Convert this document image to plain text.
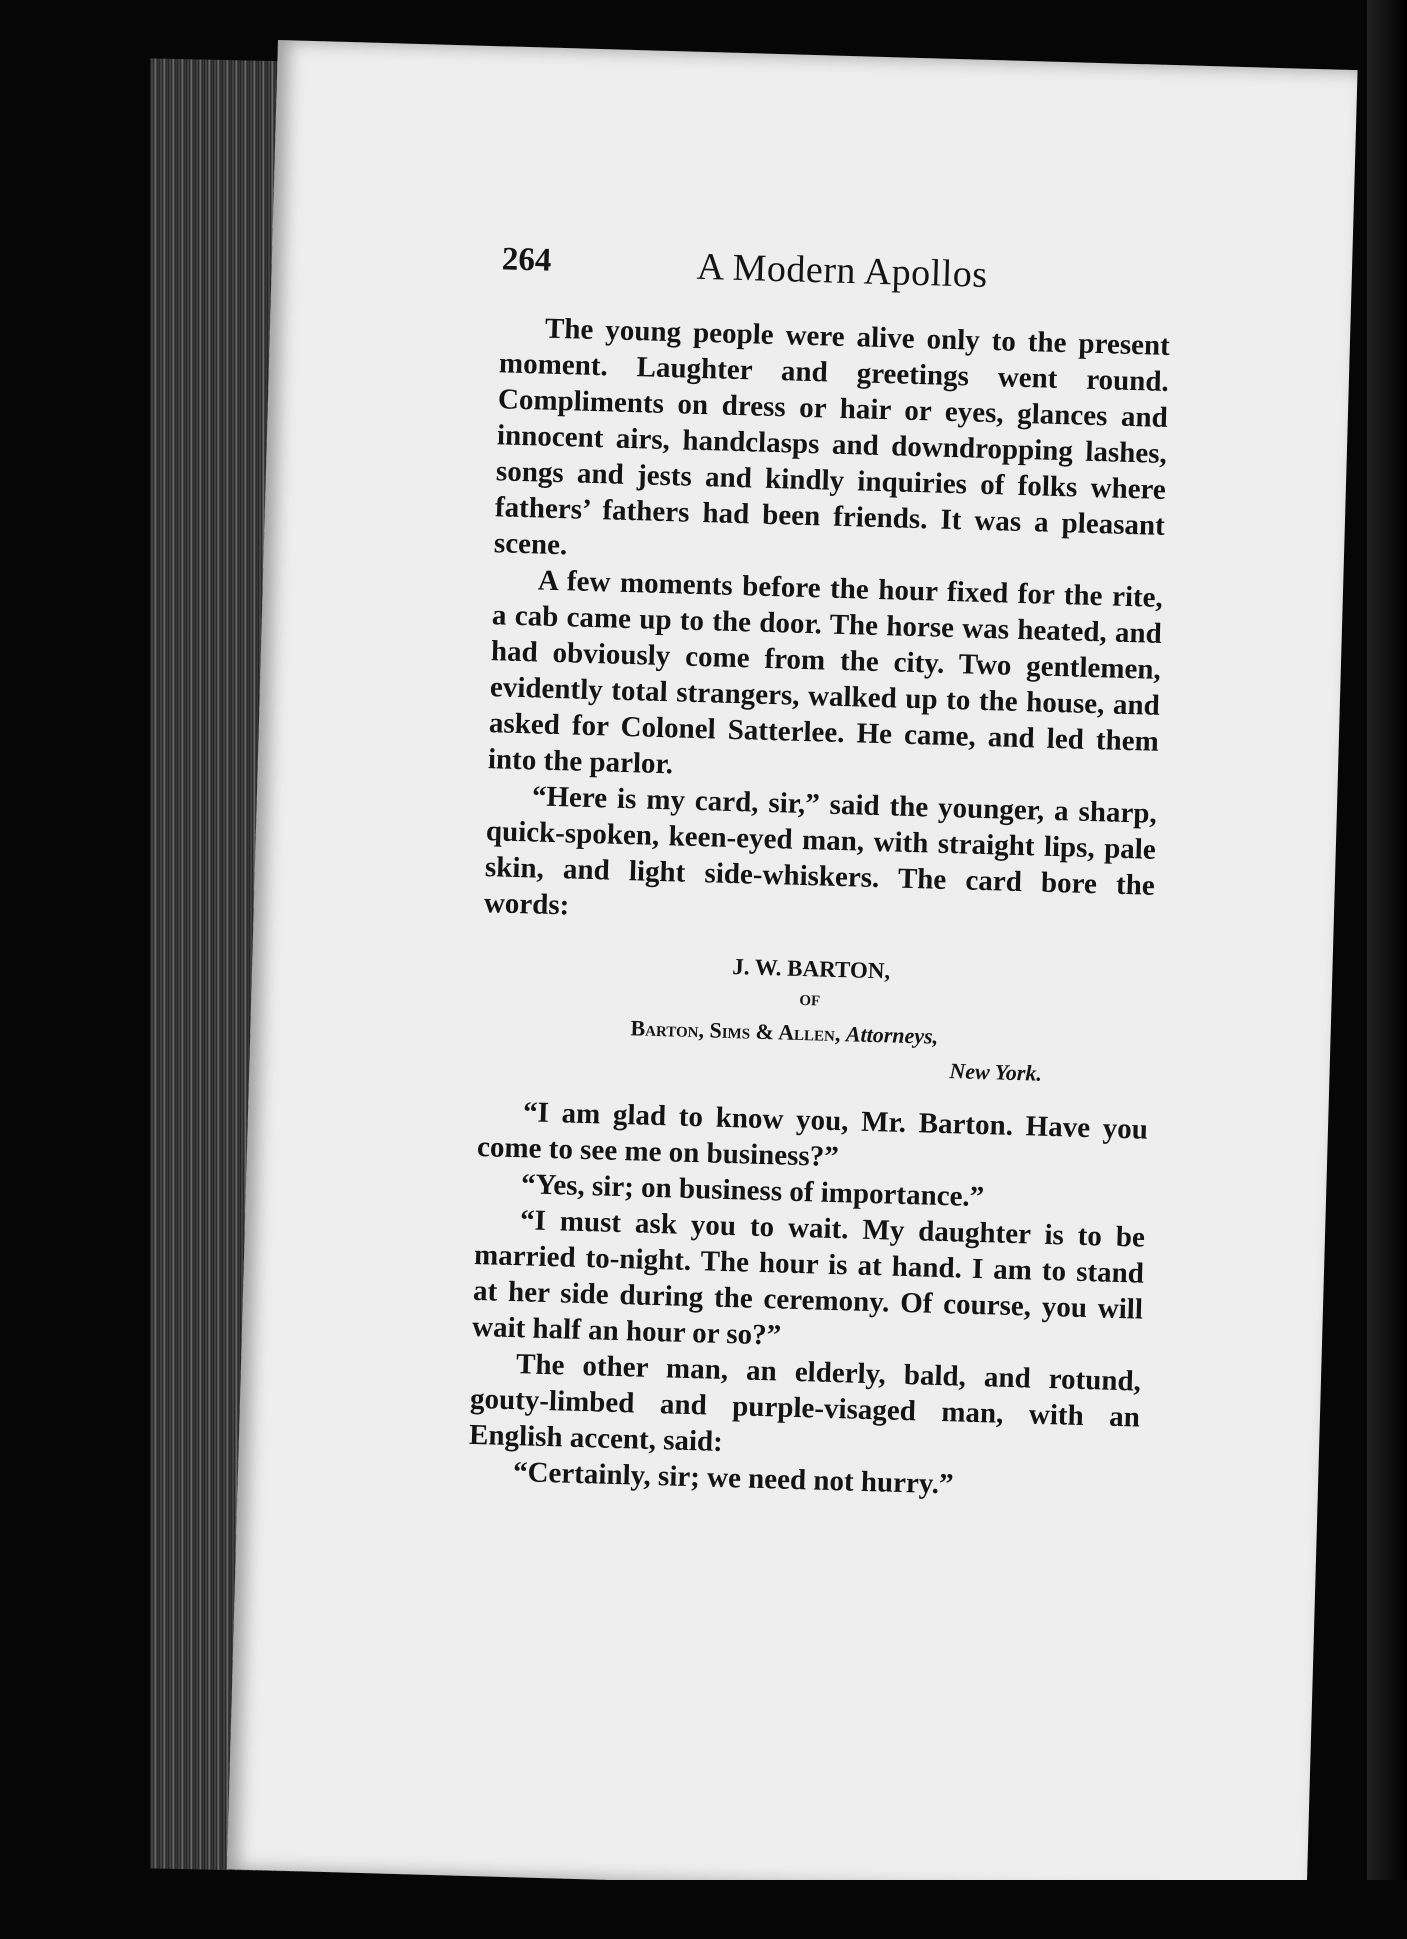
264	A Modern Apollos

The young people were alive only to the present moment. Laughter and greetings went round. Compliments on dress or hair or eyes, glances and innocent airs, handclasps and downdropping lashes, songs and jests and kindly inquiries of folks where fathers’ fathers had been friends. It was a pleasant scene.

A few moments before the hour fixed for the rite, a cab came up to the door. The horse was heated, and had obviously come from the city. Two gentlemen, evidently total strangers, walked up to the house, and asked for Colonel Satterlee. He came, and led them into the parlor.

“Here is my card, sir,” said the younger, a sharp, quick-spoken, keen-eyed man, with straight lips, pale skin, and light side-whiskers. The card bore the words:

J. W. BARTON,
OF
Barton, Sims & Allen, Attorneys,
New York.

“I am glad to know you, Mr. Barton. Have you come to see me on business?”

“Yes, sir; on business of importance.”

“I must ask you to wait. My daughter is to be married to-night. The hour is at hand. I am to stand at her side during the ceremony. Of course, you will wait half an hour or so?”

The other man, an elderly, bald, and rotund, gouty-limbed and purple-visaged man, with an English accent, said:

“Certainly, sir; we need not hurry.”
